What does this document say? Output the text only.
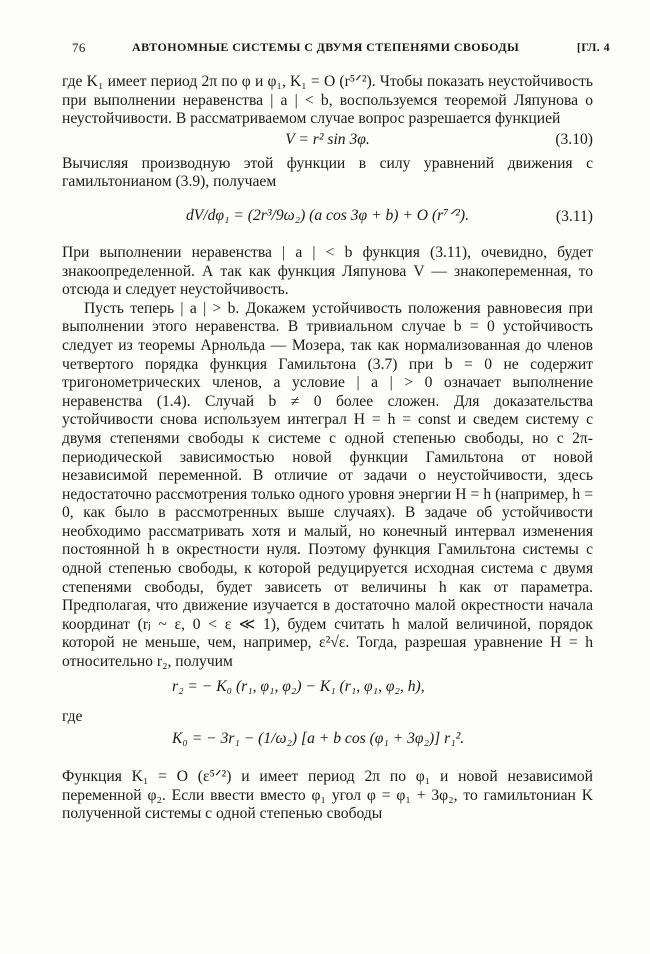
76	АВТОНОМНЫЕ СИСТЕМЫ С ДВУМЯ СТЕПЕНЯМИ СВОБОДЫ	[ГЛ. 4

где K₁ имеет период 2π по φ и φ₁, K₁ = O (r⁵ᐟ²). Чтобы показать неустойчивость при выполнении неравенства | a | < b, воспользуемся теоремой Ляпунова о неустойчивости. В рассматриваемом случае вопрос разрешается функцией

V = r² sin 3φ.	(3.10)

Вычисляя производную этой функции в силу уравнений движения с гамильтонианом (3.9), получаем

dV/dφ₁ = (2r³/9ω₂) (a cos 3φ + b) + O (r⁷ᐟ²).	(3.11)

При выполнении неравенства | a | < b функция (3.11), очевидно, будет знакоопределенной. А так как функция Ляпунова V — знакопеременная, то отсюда и следует неустойчивость.

Пусть теперь | a | > b. Докажем устойчивость положения равновесия при выполнении этого неравенства. В тривиальном случае b = 0 устойчивость следует из теоремы Арнольда — Мозера, так как нормализованная до членов четвертого порядка функция Гамильтона (3.7) при b = 0 не содержит тригонометрических членов, а условие | a | > 0 означает выполнение неравенства (1.4). Случай b ≠ 0 более сложен. Для доказательства устойчивости снова используем интеграл H = h = const и сведем систему с двумя степенями свободы к системе с одной степенью свободы, но с 2π-периодической зависимостью новой функции Гамильтона от новой независимой переменной. В отличие от задачи о неустойчивости, здесь недостаточно рассмотрения только одного уровня энергии H = h (например, h = 0, как было в рассмотренных выше случаях). В задаче об устойчивости необходимо рассматривать хотя и малый, но конечный интервал изменения постоянной h в окрестности нуля. Поэтому функция Гамильтона системы с одной степенью свободы, к которой редуцируется исходная система с двумя степенями свободы, будет зависеть от величины h как от параметра. Предполагая, что движение изучается в достаточно малой окрестности начала координат (rⱼ ~ ε, 0 < ε ≪ 1), будем считать h малой величиной, порядок которой не меньше, чем, например, ε²√ε. Тогда, разрешая уравнение H = h относительно r₂, получим

r₂ = − K₀ (r₁, φ₁, φ₂) − K₁ (r₁, φ₁, φ₂, h),

где

K₀ = − 3r₁ − (1/ω₂) [a + b cos (φ₁ + 3φ₂)] r₁².

Функция K₁ = O (ε⁵ᐟ²) и имеет период 2π по φ₁ и новой независимой переменной φ₂. Если ввести вместо φ₁ угол φ = φ₁ + 3φ₂, то гамильтониан K полученной системы с одной степенью свободы
